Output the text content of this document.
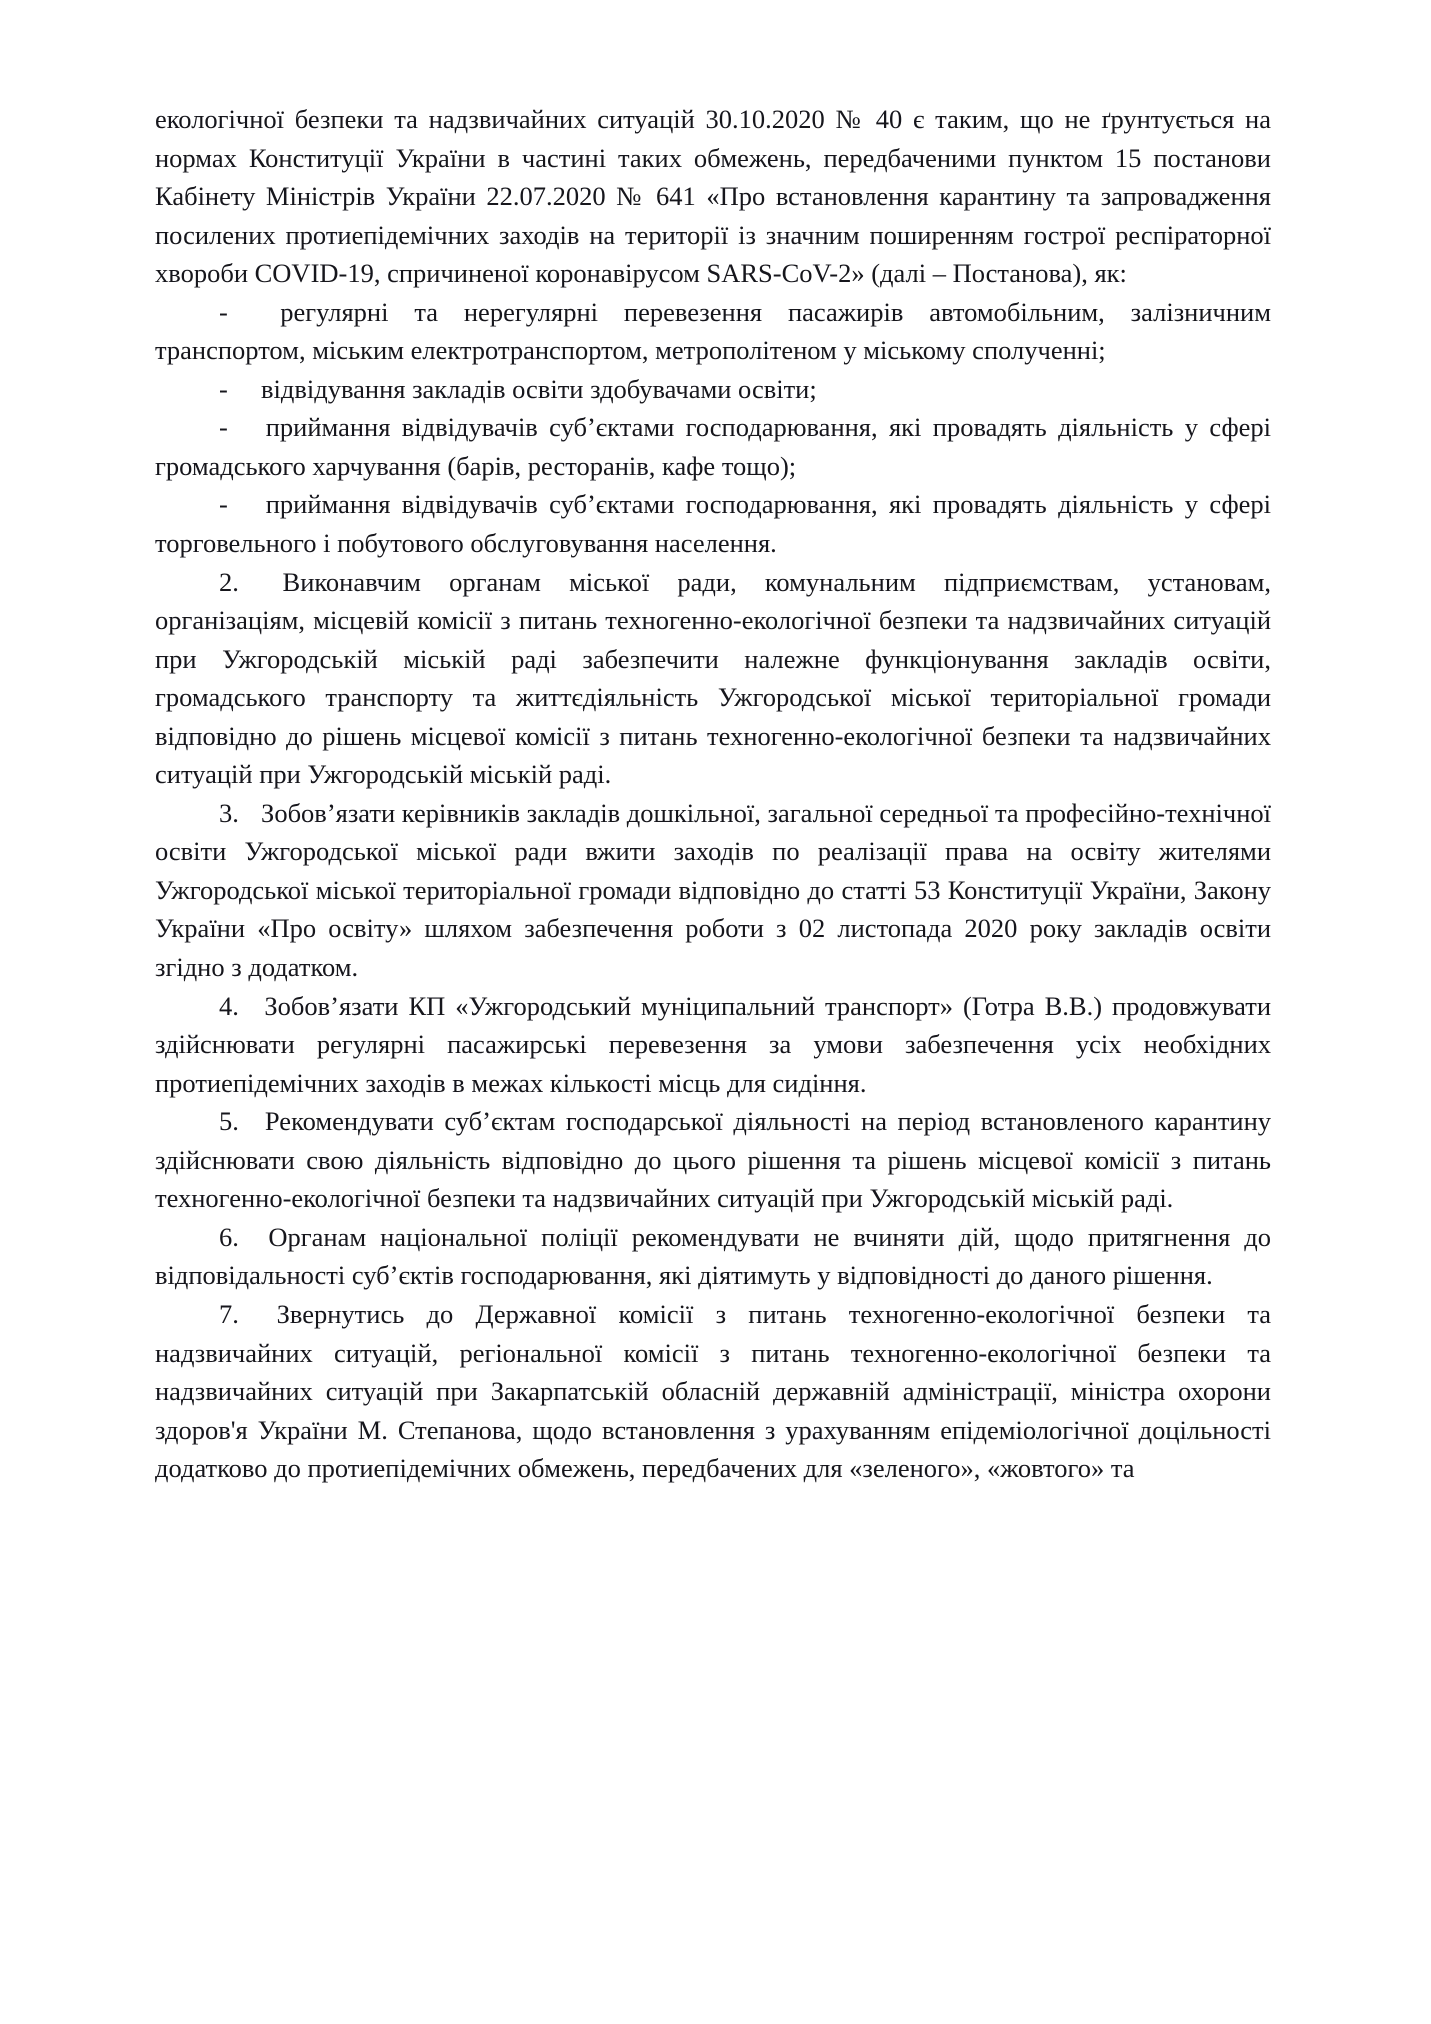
екологічної безпеки та надзвичайних ситуацій 30.10.2020 № 40 є таким, що не ґрунтується на нормах Конституції України в частині таких обмежень, передбаченими пунктом 15 постанови Кабінету Міністрів України 22.07.2020 № 641 «Про встановлення карантину та запровадження посилених протиепідемічних заходів на території із значним поширенням гострої респіраторної хвороби COVID-19, спричиненої коронавірусом SARS-CoV-2» (далі – Постанова), як:

-	регулярні та нерегулярні перевезення пасажирів автомобільним, залізничним транспортом, міським електротранспортом, метрополітеном у міському сполученні;

-	відвідування закладів освіти здобувачами освіти;

-	приймання відвідувачів суб’єктами господарювання, які провадять діяльність у сфері громадського харчування (барів, ресторанів, кафе тощо);

-	приймання відвідувачів суб’єктами господарювання, які провадять діяльність у сфері торговельного і побутового обслуговування населення.

2.	Виконавчим органам міської ради, комунальним підприємствам, установам, організаціям, місцевій комісії з питань техногенно-екологічної безпеки та надзвичайних ситуацій при Ужгородській міській раді забезпечити належне функціонування закладів освіти, громадського транспорту та життєдіяльність Ужгородської міської територіальної громади відповідно до рішень місцевої комісії з питань техногенно-екологічної безпеки та надзвичайних ситуацій при Ужгородській міській раді.

3.	Зобов’язати керівників закладів дошкільної, загальної середньої та професійно-технічної освіти Ужгородської міської ради вжити заходів по реалізації права на освіту жителями Ужгородської міської територіальної громади відповідно до статті 53 Конституції України, Закону України «Про освіту» шляхом забезпечення роботи з 02 листопада 2020 року закладів освіти згідно з додатком.

4.	Зобов’язати КП «Ужгородський муніципальний транспорт» (Готра В.В.) продовжувати здійснювати регулярні пасажирські перевезення за умови забезпечення усіх необхідних протиепідемічних заходів в межах кількості місць для сидіння.

5.	Рекомендувати суб’єктам господарської діяльності на період встановленого карантину здійснювати свою діяльність відповідно до цього рішення та рішень місцевої комісії з питань техногенно-екологічної безпеки та надзвичайних ситуацій при Ужгородській міській раді.

6.	Органам національної поліції рекомендувати не вчиняти дій, щодо притягнення до відповідальності суб’єктів господарювання, які діятимуть у відповідності до даного рішення.

7.	Звернутись до Державної комісії з питань техногенно-екологічної безпеки та надзвичайних ситуацій, регіональної комісії з питань техногенно-екологічної безпеки та надзвичайних ситуацій при Закарпатській обласній державній адміністрації, міністра охорони здоров'я України М. Степанова, щодо встановлення з урахуванням епідеміологічної доцільності додатково до протиепідемічних обмежень, передбачених для «зеленого», «жовтого» та
